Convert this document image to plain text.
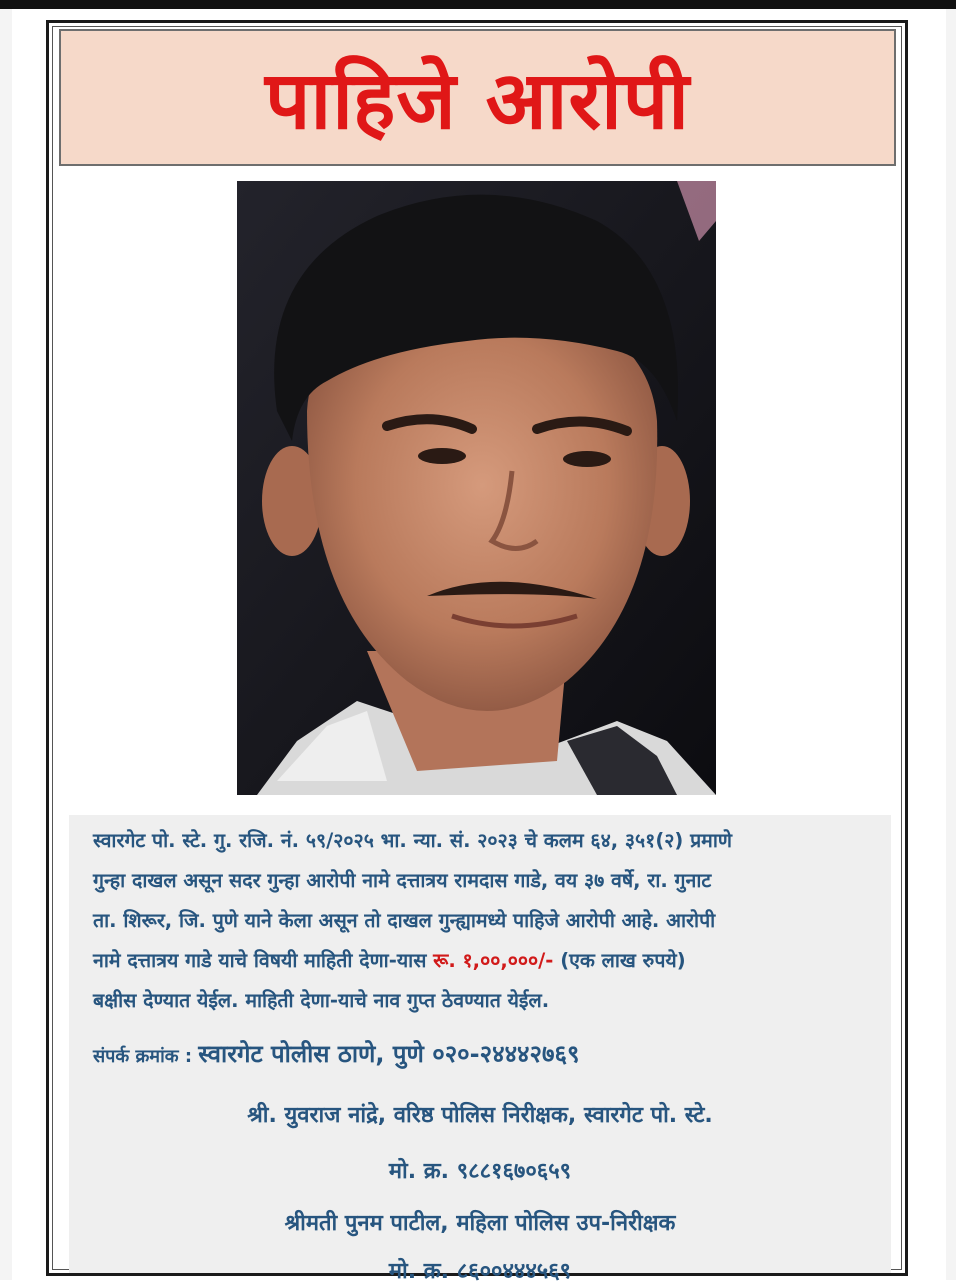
पाहिजे आरोपी

स्वारगेट पो. स्टे. गु. रजि. नं. ५९/२०२५ भा. न्या. सं. २०२३ चे कलम ६४, ३५१(२) प्रमाणे

गुन्हा दाखल असून सदर गुन्हा आरोपी नामे दत्तात्रय रामदास गाडे, वय ३७ वर्षे, रा. गुनाट

ता. शिरूर, जि. पुणे याने केला असून तो दाखल गुन्ह्यामध्ये पाहिजे आरोपी आहे. आरोपी

नामे दत्तात्रय गाडे याचे विषयी माहिती देणा-यास रू. १,००,०००/- (एक लाख रुपये)

बक्षीस देण्यात येईल. माहिती देणा-याचे नाव गुप्त ठेवण्यात येईल.

संपर्क क्रमांक : स्वारगेट पोलीस ठाणे, पुणे ०२०-२४४४२७६९
श्री. युवराज नांद्रे, वरिष्ठ पोलिस निरीक्षक, स्वारगेट पो. स्टे.
मो. क्र. ९८८१६७०६५९
श्रीमती पुनम पाटील, महिला पोलिस उप-निरीक्षक
मो. क्र. ८६००४४४५६९
